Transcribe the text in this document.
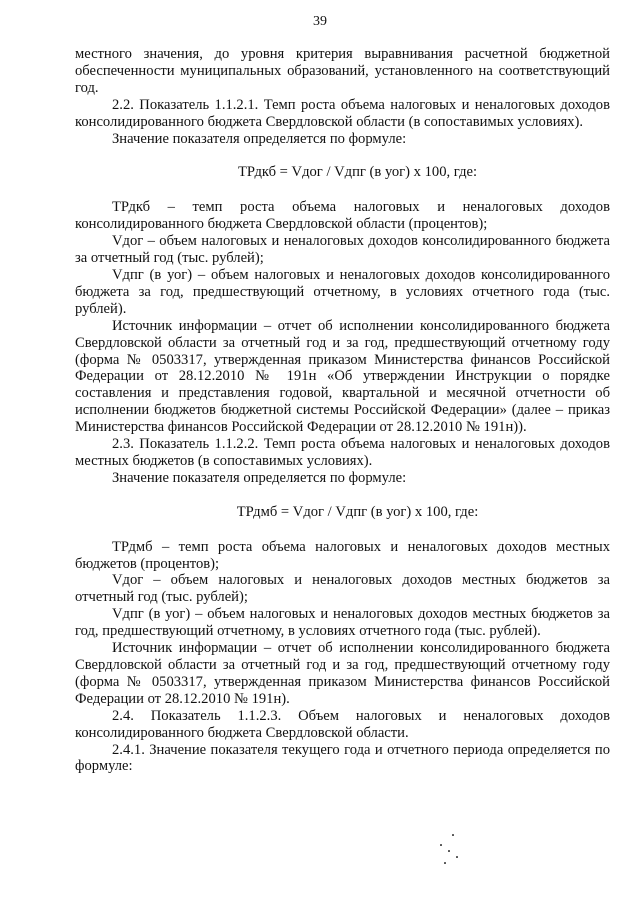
39

местного значения, до уровня критерия выравнивания расчетной бюджетной обеспеченности муниципальных образований, установленного на соответствующий год.

2.2. Показатель 1.1.2.1. Темп роста объема налоговых и неналоговых доходов консолидированного бюджета Свердловской области (в сопоставимых условиях).

Значение показателя определяется по формуле:

ТРдкб = Vдог / Vдпг (в уог) x 100, где:

ТРдкб – темп роста объема налоговых и неналоговых доходов консолидированного бюджета Свердловской области (процентов);

Vдог – объем налоговых и неналоговых доходов консолидированного бюджета за отчетный год (тыс. рублей);

Vдпг (в уог) – объем налоговых и неналоговых доходов консолидированного бюджета за год, предшествующий отчетному, в условиях отчетного года (тыс. рублей).

Источник информации – отчет об исполнении консолидированного бюджета Свердловской области за отчетный год и за год, предшествующий отчетному году (форма № 0503317, утвержденная приказом Министерства финансов Российской Федерации от 28.12.2010 № 191н «Об утверждении Инструкции о порядке составления и представления годовой, квартальной и месячной отчетности об исполнении бюджетов бюджетной системы Российской Федерации» (далее – приказ Министерства финансов Российской Федерации от 28.12.2010 № 191н)).

2.3. Показатель 1.1.2.2. Темп роста объема налоговых и неналоговых доходов местных бюджетов (в сопоставимых условиях).

Значение показателя определяется по формуле:

ТРдмб = Vдог / Vдпг (в уог) x 100, где:

ТРдмб – темп роста объема налоговых и неналоговых доходов местных бюджетов (процентов);

Vдог – объем налоговых и неналоговых доходов местных бюджетов за отчетный год (тыс. рублей);

Vдпг (в уог) – объем налоговых и неналоговых доходов местных бюджетов за год, предшествующий отчетному, в условиях отчетного года (тыс. рублей).

Источник информации – отчет об исполнении консолидированного бюджета Свердловской области за отчетный год и за год, предшествующий отчетному году (форма № 0503317, утвержденная приказом Министерства финансов Российской Федерации от 28.12.2010 № 191н).

2.4. Показатель 1.1.2.3. Объем налоговых и неналоговых доходов консолидированного бюджета Свердловской области.

2.4.1. Значение показателя текущего года и отчетного периода определяется по формуле:
